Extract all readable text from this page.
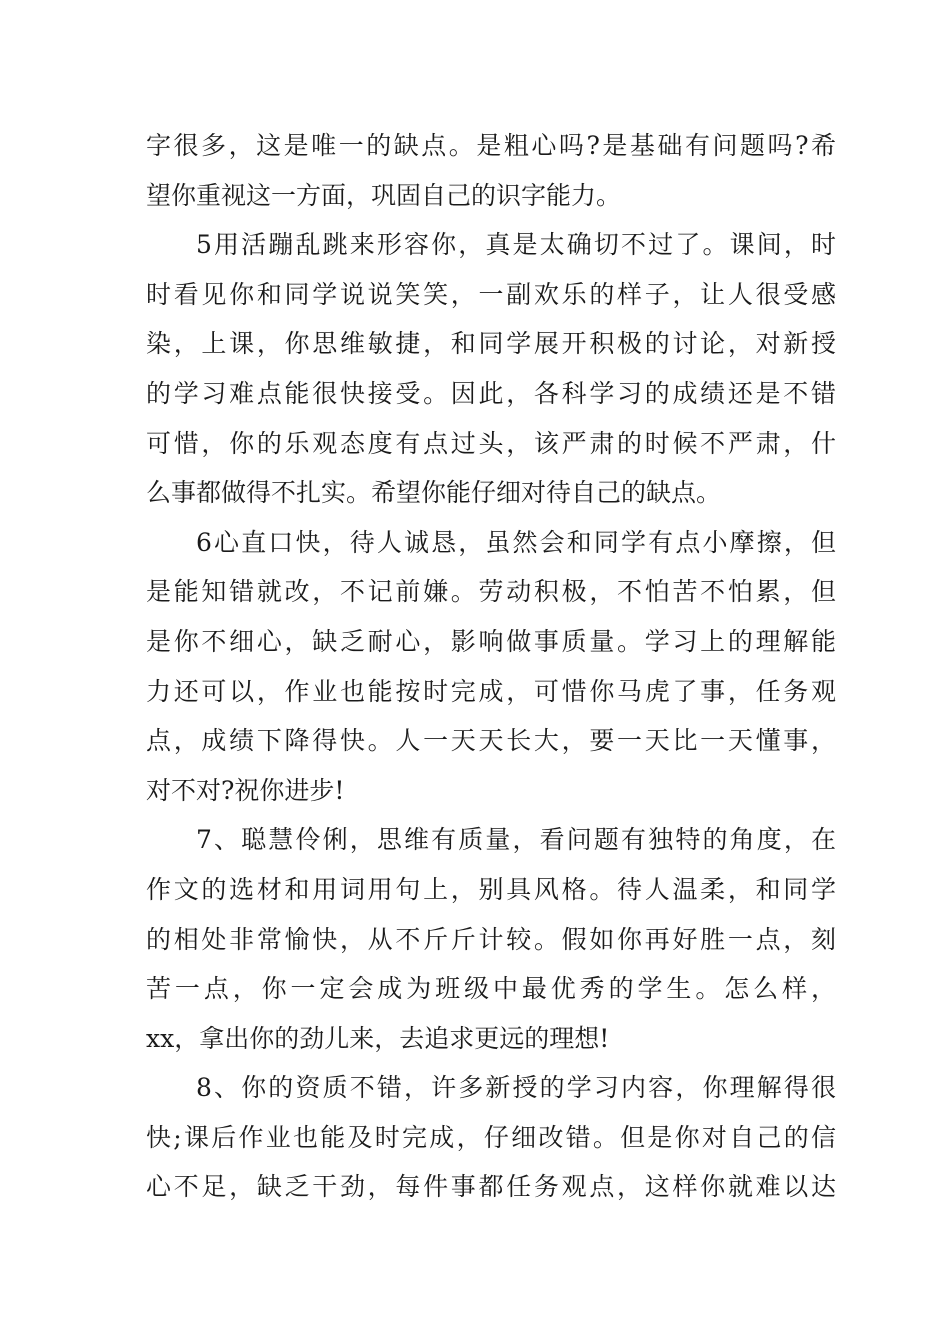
字很多，这是唯一的缺点。是粗心吗?是基础有问题吗?希
望你重视这一方面，巩固自己的识字能力。
5用活蹦乱跳来形容你，真是太确切不过了。课间，时
时看见你和同学说说笑笑，一副欢乐的样子，让人很受感
染，上课，你思维敏捷，和同学展开积极的讨论，对新授
的学习难点能很快接受。因此，各科学习的成绩还是不错
可惜，你的乐观态度有点过头，该严肃的时候不严肃，什
么事都做得不扎实。希望你能仔细对待自己的缺点。
6心直口快，待人诚恳，虽然会和同学有点小摩擦，但
是能知错就改，不记前嫌。劳动积极，不怕苦不怕累，但
是你不细心，缺乏耐心，影响做事质量。学习上的理解能
力还可以，作业也能按时完成，可惜你马虎了事，任务观
点，成绩下降得快。人一天天长大，要一天比一天懂事，
对不对?祝你进步!
7、聪慧伶俐，思维有质量，看问题有独特的角度，在
作文的选材和用词用句上，别具风格。待人温柔，和同学
的相处非常愉快，从不斤斤计较。假如你再好胜一点，刻
苦一点，你一定会成为班级中最优秀的学生。怎么样，
xx，拿出你的劲儿来，去追求更远的理想!
8、你的资质不错，许多新授的学习内容，你理解得很
快;课后作业也能及时完成，仔细改错。但是你对自己的信
心不足，缺乏干劲，每件事都任务观点，这样你就难以达
